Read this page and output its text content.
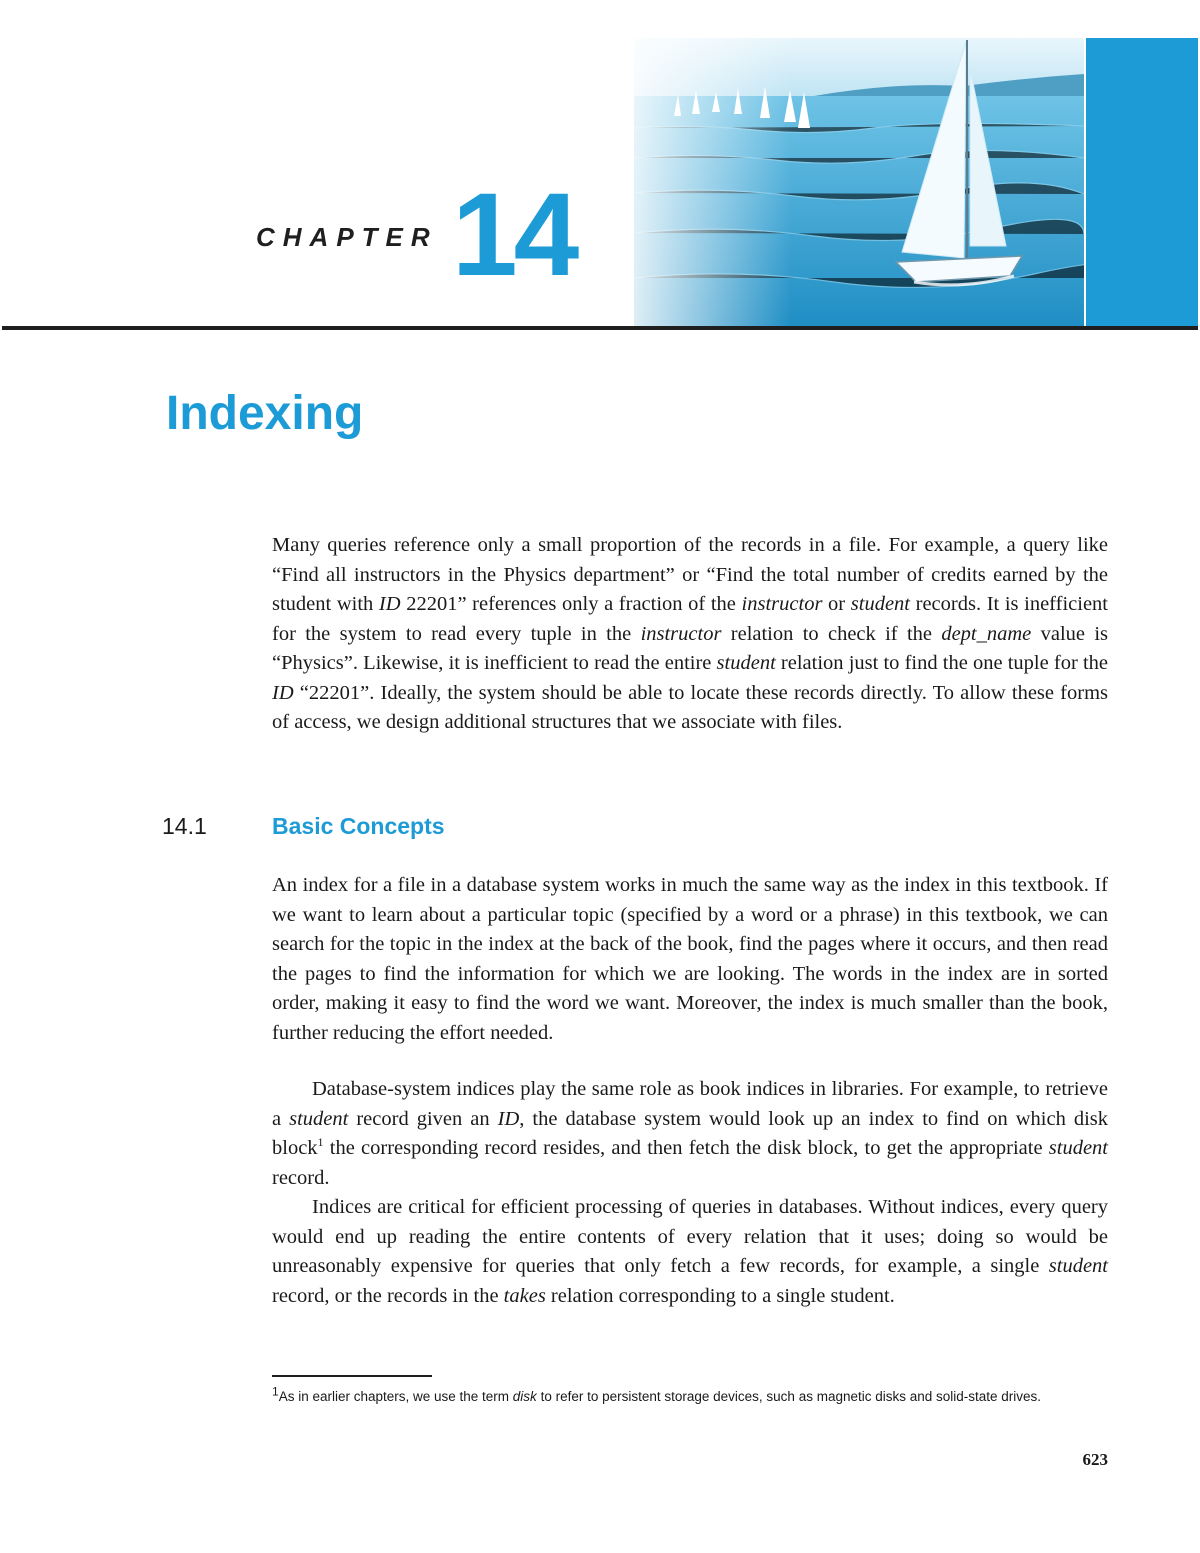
CHAPTER 14
Indexing

Many queries reference only a small proportion of the records in a file. For example, a query like “Find all instructors in the Physics department” or “Find the total number of credits earned by the student with ID 22201” references only a fraction of the instructor or student records. It is inefficient for the system to read every tuple in the instructor relation to check if the dept_name value is “Physics”. Likewise, it is inefficient to read the entire student relation just to find the one tuple for the ID “22201”. Ideally, the system should be able to locate these records directly. To allow these forms of access, we design additional structures that we associate with files.

14.1	Basic Concepts

An index for a file in a database system works in much the same way as the index in this textbook. If we want to learn about a particular topic (specified by a word or a phrase) in this textbook, we can search for the topic in the index at the back of the book, find the pages where it occurs, and then read the pages to find the information for which we are looking. The words in the index are in sorted order, making it easy to find the word we want. Moreover, the index is much smaller than the book, further reducing the effort needed.

Database-system indices play the same role as book indices in libraries. For example, to retrieve a student record given an ID, the database system would look up an index to find on which disk block$^1$ the corresponding record resides, and then fetch the disk block, to get the appropriate student record.

Indices are critical for efficient processing of queries in databases. Without indices, every query would end up reading the entire contents of every relation that it uses; doing so would be unreasonably expensive for queries that only fetch a few records, for example, a single student record, or the records in the takes relation corresponding to a single student.

$^1$As in earlier chapters, we use the term disk to refer to persistent storage devices, such as magnetic disks and solid-state drives.

623
